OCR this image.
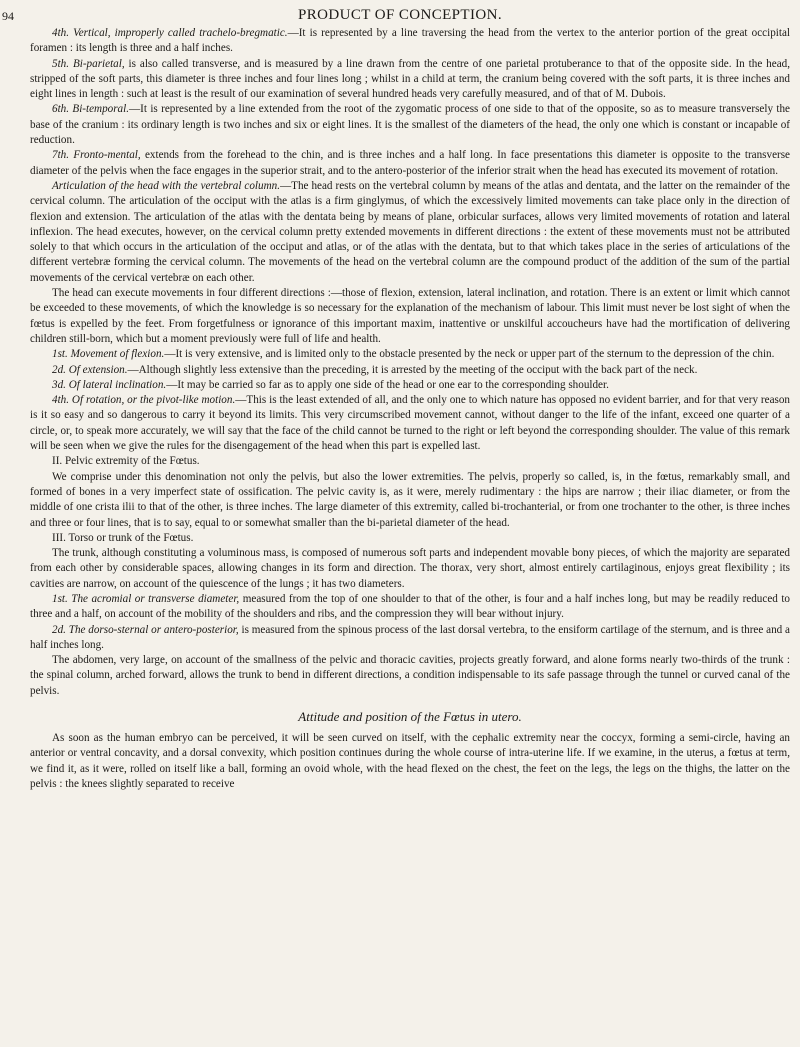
94	PRODUCT OF CONCEPTION.

4th. Vertical, improperly called trachelo-bregmatic.—It is represented by a line traversing the head from the vertex to the anterior portion of the great occipital foramen : its length is three and a half inches.

5th. Bi-parietal, is also called transverse, and is measured by a line drawn from the centre of one parietal protuberance to that of the opposite side. In the head, stripped of the soft parts, this diameter is three inches and four lines long ; whilst in a child at term, the cranium being covered with the soft parts, it is three inches and eight lines in length : such at least is the result of our examination of several hundred heads very carefully measured, and of that of M. Dubois.

6th. Bi-temporal.—It is represented by a line extended from the root of the zygomatic process of one side to that of the opposite, so as to measure transversely the base of the cranium : its ordinary length is two inches and six or eight lines. It is the smallest of the diameters of the head, the only one which is constant or incapable of reduction.

7th. Fronto-mental, extends from the forehead to the chin, and is three inches and a half long. In face presentations this diameter is opposite to the transverse diameter of the pelvis when the face engages in the superior strait, and to the antero-posterior of the inferior strait when the head has executed its movement of rotation.

Articulation of the head with the vertebral column.—The head rests on the vertebral column by means of the atlas and dentata, and the latter on the remainder of the cervical column. The articulation of the occiput with the atlas is a firm ginglymus, of which the excessively limited movements can take place only in the direction of flexion and extension. The articulation of the atlas with the dentata being by means of plane, orbicular surfaces, allows very limited movements of rotation and lateral inflexion. The head executes, however, on the cervical column pretty extended movements in different directions : the extent of these movements must not be attributed solely to that which occurs in the articulation of the occiput and atlas, or of the atlas with the dentata, but to that which takes place in the series of articulations of the different vertebræ forming the cervical column. The movements of the head on the vertebral column are the compound product of the addition of the sum of the partial movements of the cervical vertebræ on each other.

The head can execute movements in four different directions :—those of flexion, extension, lateral inclination, and rotation. There is an extent or limit which cannot be exceeded to these movements, of which the knowledge is so necessary for the explanation of the mechanism of labour. This limit must never be lost sight of when the fœtus is expelled by the feet. From forgetfulness or ignorance of this important maxim, inattentive or unskilful accoucheurs have had the mortification of delivering children still-born, which but a moment previously were full of life and health.

1st. Movement of flexion.—It is very extensive, and is limited only to the obstacle presented by the neck or upper part of the sternum to the depression of the chin.

2d. Of extension.—Although slightly less extensive than the preceding, it is arrested by the meeting of the occiput with the back part of the neck.

3d. Of lateral inclination.—It may be carried so far as to apply one side of the head or one ear to the corresponding shoulder.

4th. Of rotation, or the pivot-like motion.—This is the least extended of all, and the only one to which nature has opposed no evident barrier, and for that very reason is it so easy and so dangerous to carry it beyond its limits. This very circumscribed movement cannot, without danger to the life of the infant, exceed one quarter of a circle, or, to speak more accurately, we will say that the face of the child cannot be turned to the right or left beyond the corresponding shoulder. The value of this remark will be seen when we give the rules for the disengagement of the head when this part is expelled last.

II. Pelvic extremity of the Fœtus.

We comprise under this denomination not only the pelvis, but also the lower extremities. The pelvis, properly so called, is, in the fœtus, remarkably small, and formed of bones in a very imperfect state of ossification. The pelvic cavity is, as it were, merely rudimentary : the hips are narrow ; their iliac diameter, or from the middle of one crista ilii to that of the other, is three inches. The large diameter of this extremity, called bi-trochanterial, or from one trochanter to the other, is three inches and three or four lines, that is to say, equal to or somewhat smaller than the bi-parietal diameter of the head.

III. Torso or trunk of the Fœtus.

The trunk, although constituting a voluminous mass, is composed of numerous soft parts and independent movable bony pieces, of which the majority are separated from each other by considerable spaces, allowing changes in its form and direction. The thorax, very short, almost entirely cartilaginous, enjoys great flexibility ; its cavities are narrow, on account of the quiescence of the lungs ; it has two diameters.

1st. The acromial or transverse diameter, measured from the top of one shoulder to that of the other, is four and a half inches long, but may be readily reduced to three and a half, on account of the mobility of the shoulders and ribs, and the compression they will bear without injury.

2d. The dorso-sternal or antero-posterior, is measured from the spinous process of the last dorsal vertebra, to the ensiform cartilage of the sternum, and is three and a half inches long.

The abdomen, very large, on account of the smallness of the pelvic and thoracic cavities, projects greatly forward, and alone forms nearly two-thirds of the trunk : the spinal column, arched forward, allows the trunk to bend in different directions, a condition indispensable to its safe passage through the tunnel or curved canal of the pelvis.

Attitude and position of the Fœtus in utero.

As soon as the human embryo can be perceived, it will be seen curved on itself, with the cephalic extremity near the coccyx, forming a semi-circle, having an anterior or ventral concavity, and a dorsal convexity, which position continues during the whole course of intra-uterine life. If we examine, in the uterus, a fœtus at term, we find it, as it were, rolled on itself like a ball, forming an ovoid whole, with the head flexed on the chest, the feet on the legs, the legs on the thighs, the latter on the pelvis : the knees slightly separated to receive
